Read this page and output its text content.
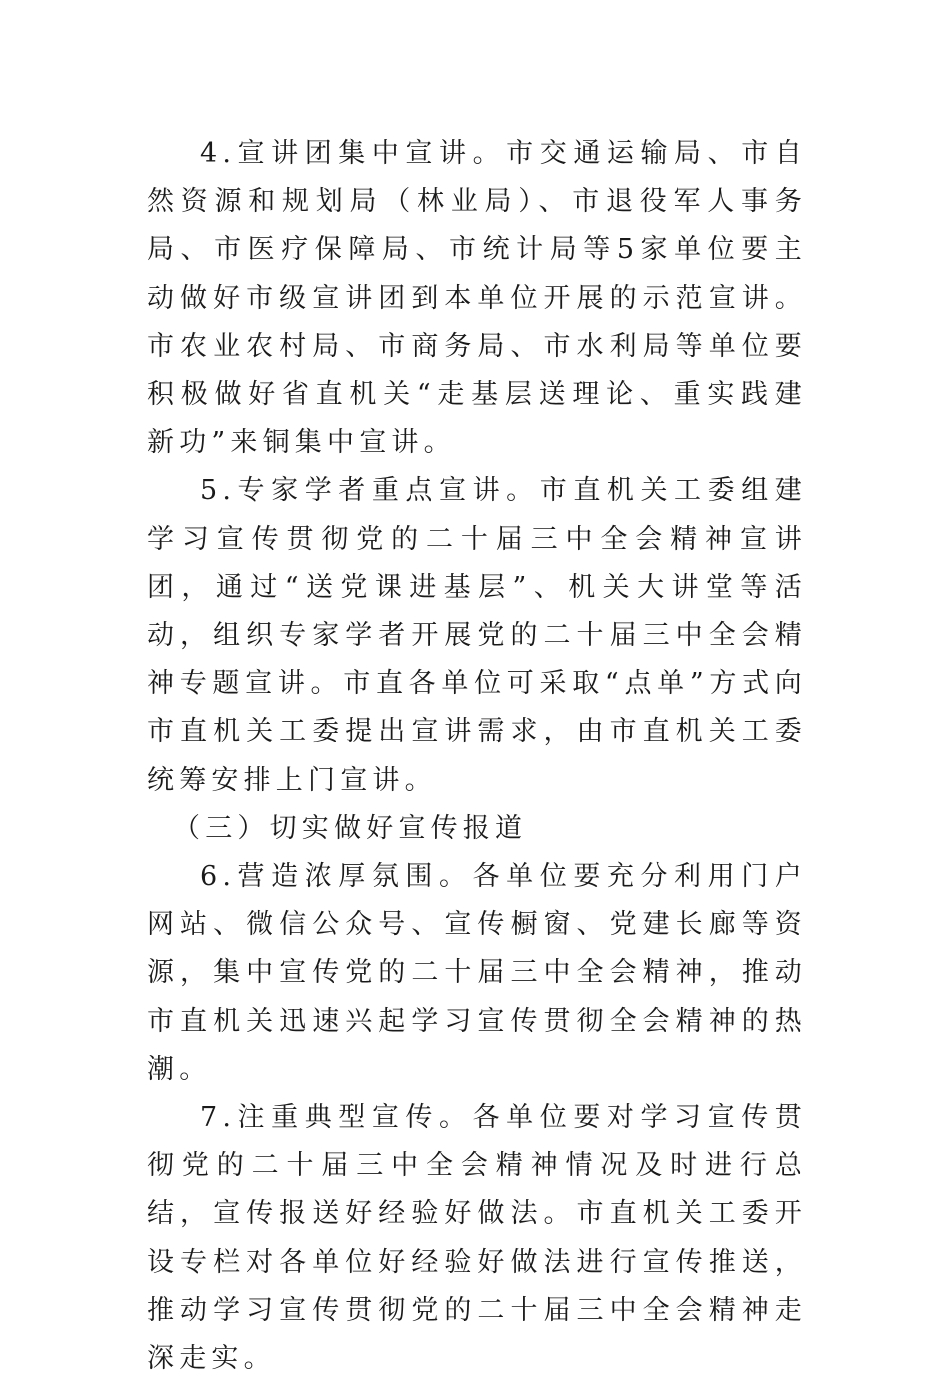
4.宣讲团集中宣讲。市交通运输局、市自然资源和规划局（林业局）、市退役军人事务局、市医疗保障局、市统计局等5家单位要主动做好市级宣讲团到本单位开展的示范宣讲。市农业农村局、市商务局、市水利局等单位要积极做好省直机关“走基层送理论、重实践建新功”来铜集中宣讲。

5.专家学者重点宣讲。市直机关工委组建学习宣传贯彻党的二十届三中全会精神宣讲团，通过“送党课进基层”、机关大讲堂等活动，组织专家学者开展党的二十届三中全会精神专题宣讲。市直各单位可采取“点单”方式向市直机关工委提出宣讲需求，由市直机关工委统筹安排上门宣讲。

（三）切实做好宣传报道

6.营造浓厚氛围。各单位要充分利用门户网站、微信公众号、宣传橱窗、党建长廊等资源，集中宣传党的二十届三中全会精神，推动市直机关迅速兴起学习宣传贯彻全会精神的热潮。

7.注重典型宣传。各单位要对学习宣传贯彻党的二十届三中全会精神情况及时进行总结，宣传报送好经验好做法。市直机关工委开设专栏对各单位好经验好做法进行宣传推送，推动学习宣传贯彻党的二十届三中全会精神走深走实。
